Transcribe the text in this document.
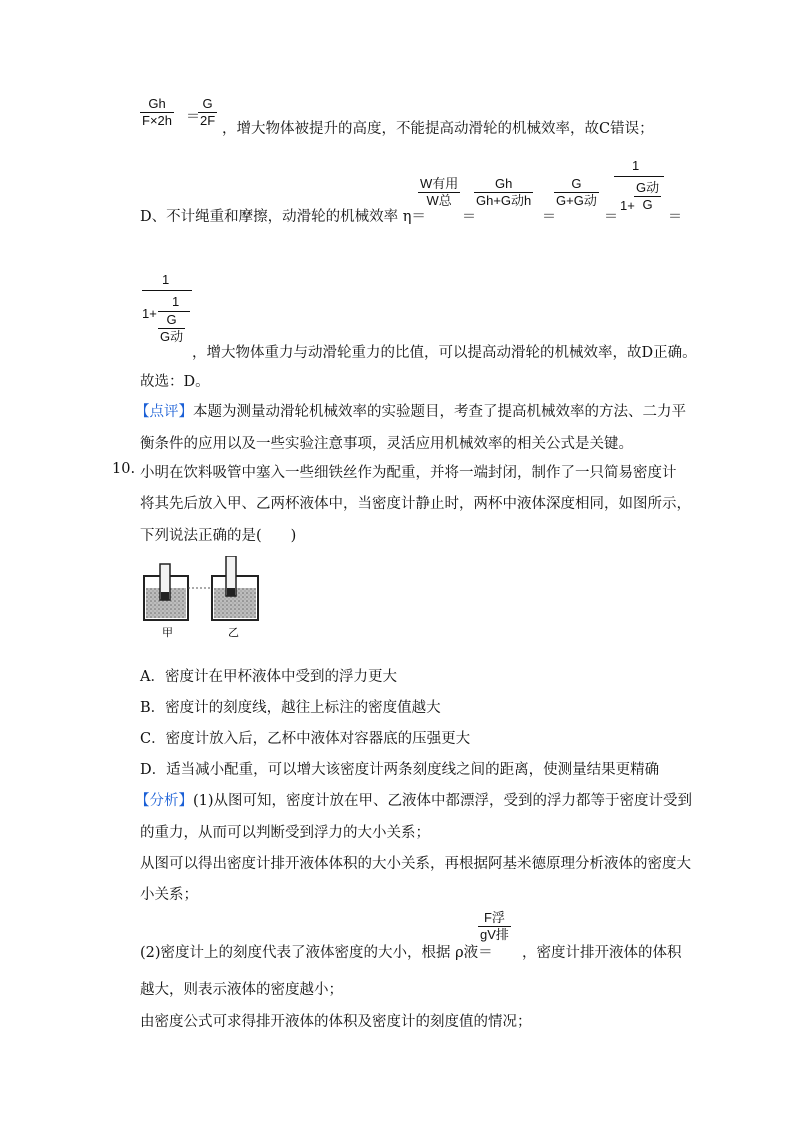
$\frac{Gh}{F\times 2h}$ ＝
$\frac{G}{2F}$ ，增大物体被提升的高度，不能提高动滑轮的机械效率，故C错误；
D、不计绳重和摩擦，动滑轮的机械效率 η＝
W有用
W总
＝
Gh
Gh+G动h
＝
G
G+G动
＝
1
1+
G动
G
＝
1
1+
1
G
G动
，增大物体重力与动滑轮重力的比值，可以提高动滑轮的机械效率，故D正确。
故选：D。
【点评】本题为测量动滑轮机械效率的实验题目，考查了提高机械效率的方法、二力平
衡条件的应用以及一些实验注意事项，灵活应用机械效率的相关公式是关键。
10. 小明在饮料吸管中塞入一些细铁丝作为配重，并将一端封闭，制作了一只简易密度计
将其先后放入甲、乙两杯液体中，当密度计静止时，两杯中液体深度相同，如图所示，
下列说法正确的是(　　)
甲	乙
A．密度计在甲杯液体中受到的浮力更大
B．密度计的刻度线，越往上标注的密度值越大
C．密度计放入后，乙杯中液体对容器底的压强更大
D．适当减小配重，可以增大该密度计两条刻度线之间的距离，使测量结果更精确
【分析】(1)从图可知，密度计放在甲、乙液体中都漂浮，受到的浮力都等于密度计受到
的重力，从而可以判断受到浮力的大小关系；
从图可以得出密度计排开液体体积的大小关系，再根据阿基米德原理分析液体的密度大
小关系；
(2)密度计上的刻度代表了液体密度的大小，根据 ρ液＝
F浮
gV排
，密度计排开液体的体积
越大，则表示液体的密度越小；
由密度公式可求得排开液体的体积及密度计的刻度值的情况；
